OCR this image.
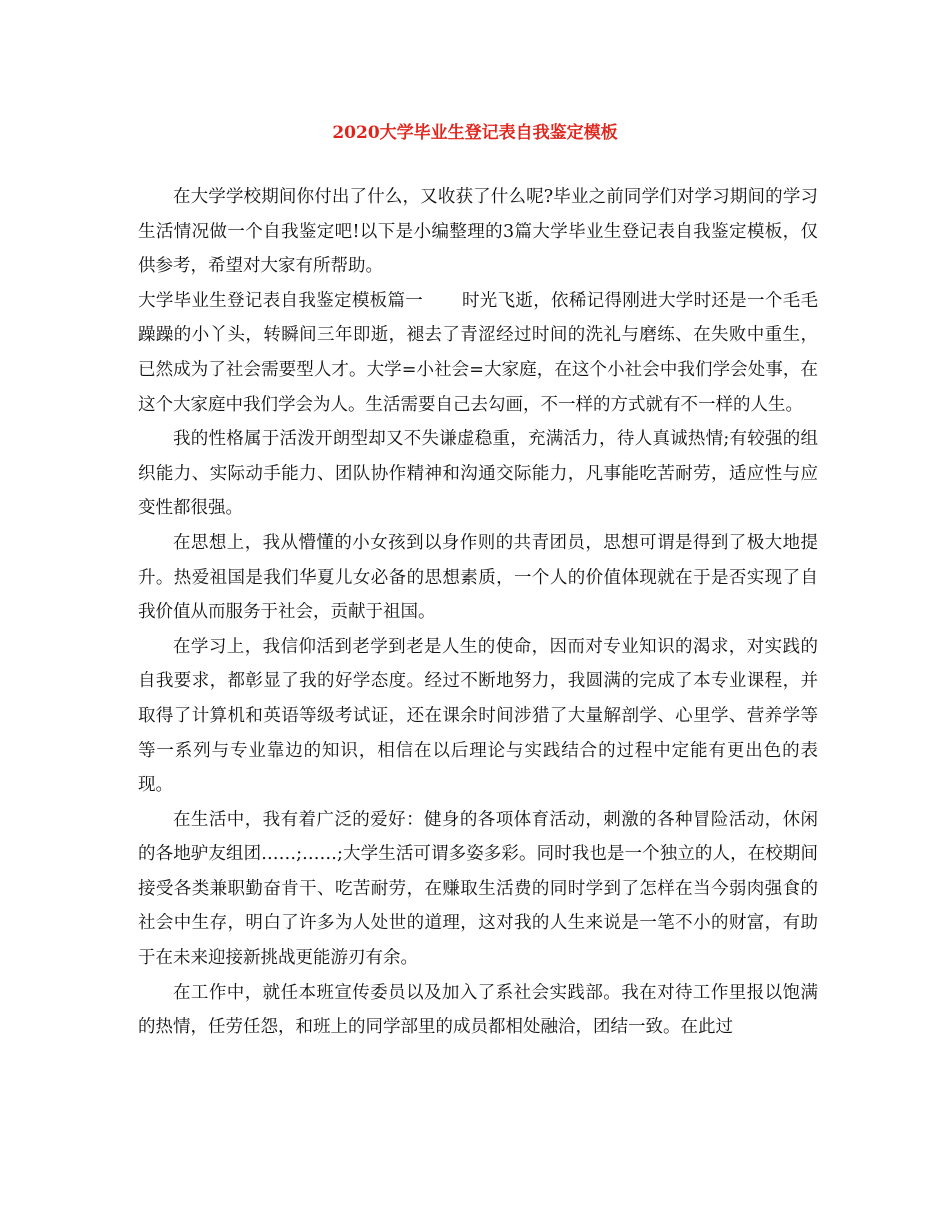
2020大学毕业生登记表自我鉴定模板

在大学学校期间你付出了什么，又收获了什么呢?毕业之前同学们对学习期间的学习生活情况做一个自我鉴定吧!以下是小编整理的3篇大学毕业生登记表自我鉴定模板，仅供参考，希望对大家有所帮助。

大学毕业生登记表自我鉴定模板篇一 时光飞逝，依稀记得刚进大学时还是一个毛毛躁躁的小丫头，转瞬间三年即逝，褪去了青涩经过时间的洗礼与磨练、在失败中重生，已然成为了社会需要型人才。大学=小社会=大家庭，在这个小社会中我们学会处事，在这个大家庭中我们学会为人。生活需要自己去勾画，不一样的方式就有不一样的人生。

我的性格属于活泼开朗型却又不失谦虚稳重，充满活力，待人真诚热情;有较强的组织能力、实际动手能力、团队协作精神和沟通交际能力，凡事能吃苦耐劳，适应性与应变性都很强。

在思想上，我从懵懂的小女孩到以身作则的共青团员，思想可谓是得到了极大地提升。热爱祖国是我们华夏儿女必备的思想素质，一个人的价值体现就在于是否实现了自我价值从而服务于社会，贡献于祖国。

在学习上，我信仰活到老学到老是人生的使命，因而对专业知识的渴求，对实践的自我要求，都彰显了我的好学态度。经过不断地努力，我圆满的完成了本专业课程，并取得了计算机和英语等级考试证，还在课余时间涉猎了大量解剖学、心里学、营养学等等一系列与专业靠边的知识，相信在以后理论与实践结合的过程中定能有更出色的表现。

在生活中，我有着广泛的爱好：健身的各项体育活动，刺激的各种冒险活动，休闲的各地驴友组团……;……;大学生活可谓多姿多彩。同时我也是一个独立的人，在校期间接受各类兼职勤奋肯干、吃苦耐劳，在赚取生活费的同时学到了怎样在当今弱肉强食的社会中生存，明白了许多为人处世的道理，这对我的人生来说是一笔不小的财富，有助于在未来迎接新挑战更能游刃有余。

在工作中，就任本班宣传委员以及加入了系社会实践部。我在对待工作里报以饱满的热情，任劳任怨，和班上的同学部里的成员都相处融洽，团结一致。在此过
